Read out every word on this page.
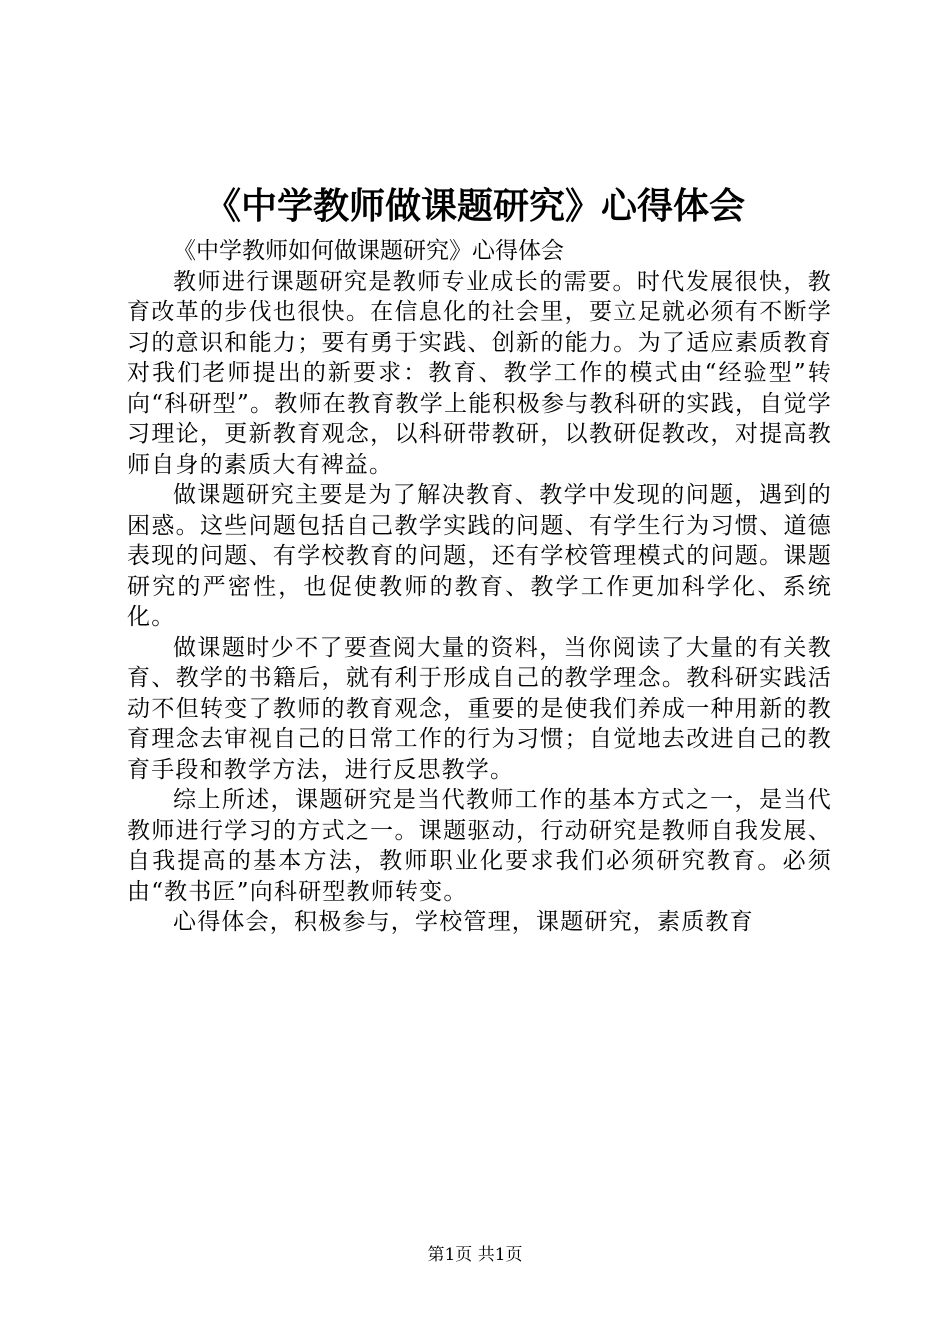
《中学教师做课题研究》心得体会

《中学教师如何做课题研究》心得体会

教师进行课题研究是教师专业成长的需要。时代发展很快，教育改革的步伐也很快。在信息化的社会里，要立足就必须有不断学习的意识和能力；要有勇于实践、创新的能力。为了适应素质教育对我们老师提出的新要求：教育、教学工作的模式由“经验型”转向“科研型”。教师在教育教学上能积极参与教科研的实践，自觉学习理论，更新教育观念，以科研带教研，以教研促教改，对提高教师自身的素质大有裨益。

做课题研究主要是为了解决教育、教学中发现的问题，遇到的困惑。这些问题包括自己教学实践的问题、有学生行为习惯、道德表现的问题、有学校教育的问题，还有学校管理模式的问题。课题研究的严密性，也促使教师的教育、教学工作更加科学化、系统化。

做课题时少不了要查阅大量的资料，当你阅读了大量的有关教育、教学的书籍后，就有利于形成自己的教学理念。教科研实践活动不但转变了教师的教育观念，重要的是使我们养成一种用新的教育理念去审视自己的日常工作的行为习惯；自觉地去改进自己的教育手段和教学方法，进行反思教学。

综上所述，课题研究是当代教师工作的基本方式之一，是当代教师进行学习的方式之一。课题驱动，行动研究是教师自我发展、自我提高的基本方法，教师职业化要求我们必须研究教育。必须由“教书匠”向科研型教师转变。

心得体会，积极参与，学校管理，课题研究，素质教育

第1页 共1页
